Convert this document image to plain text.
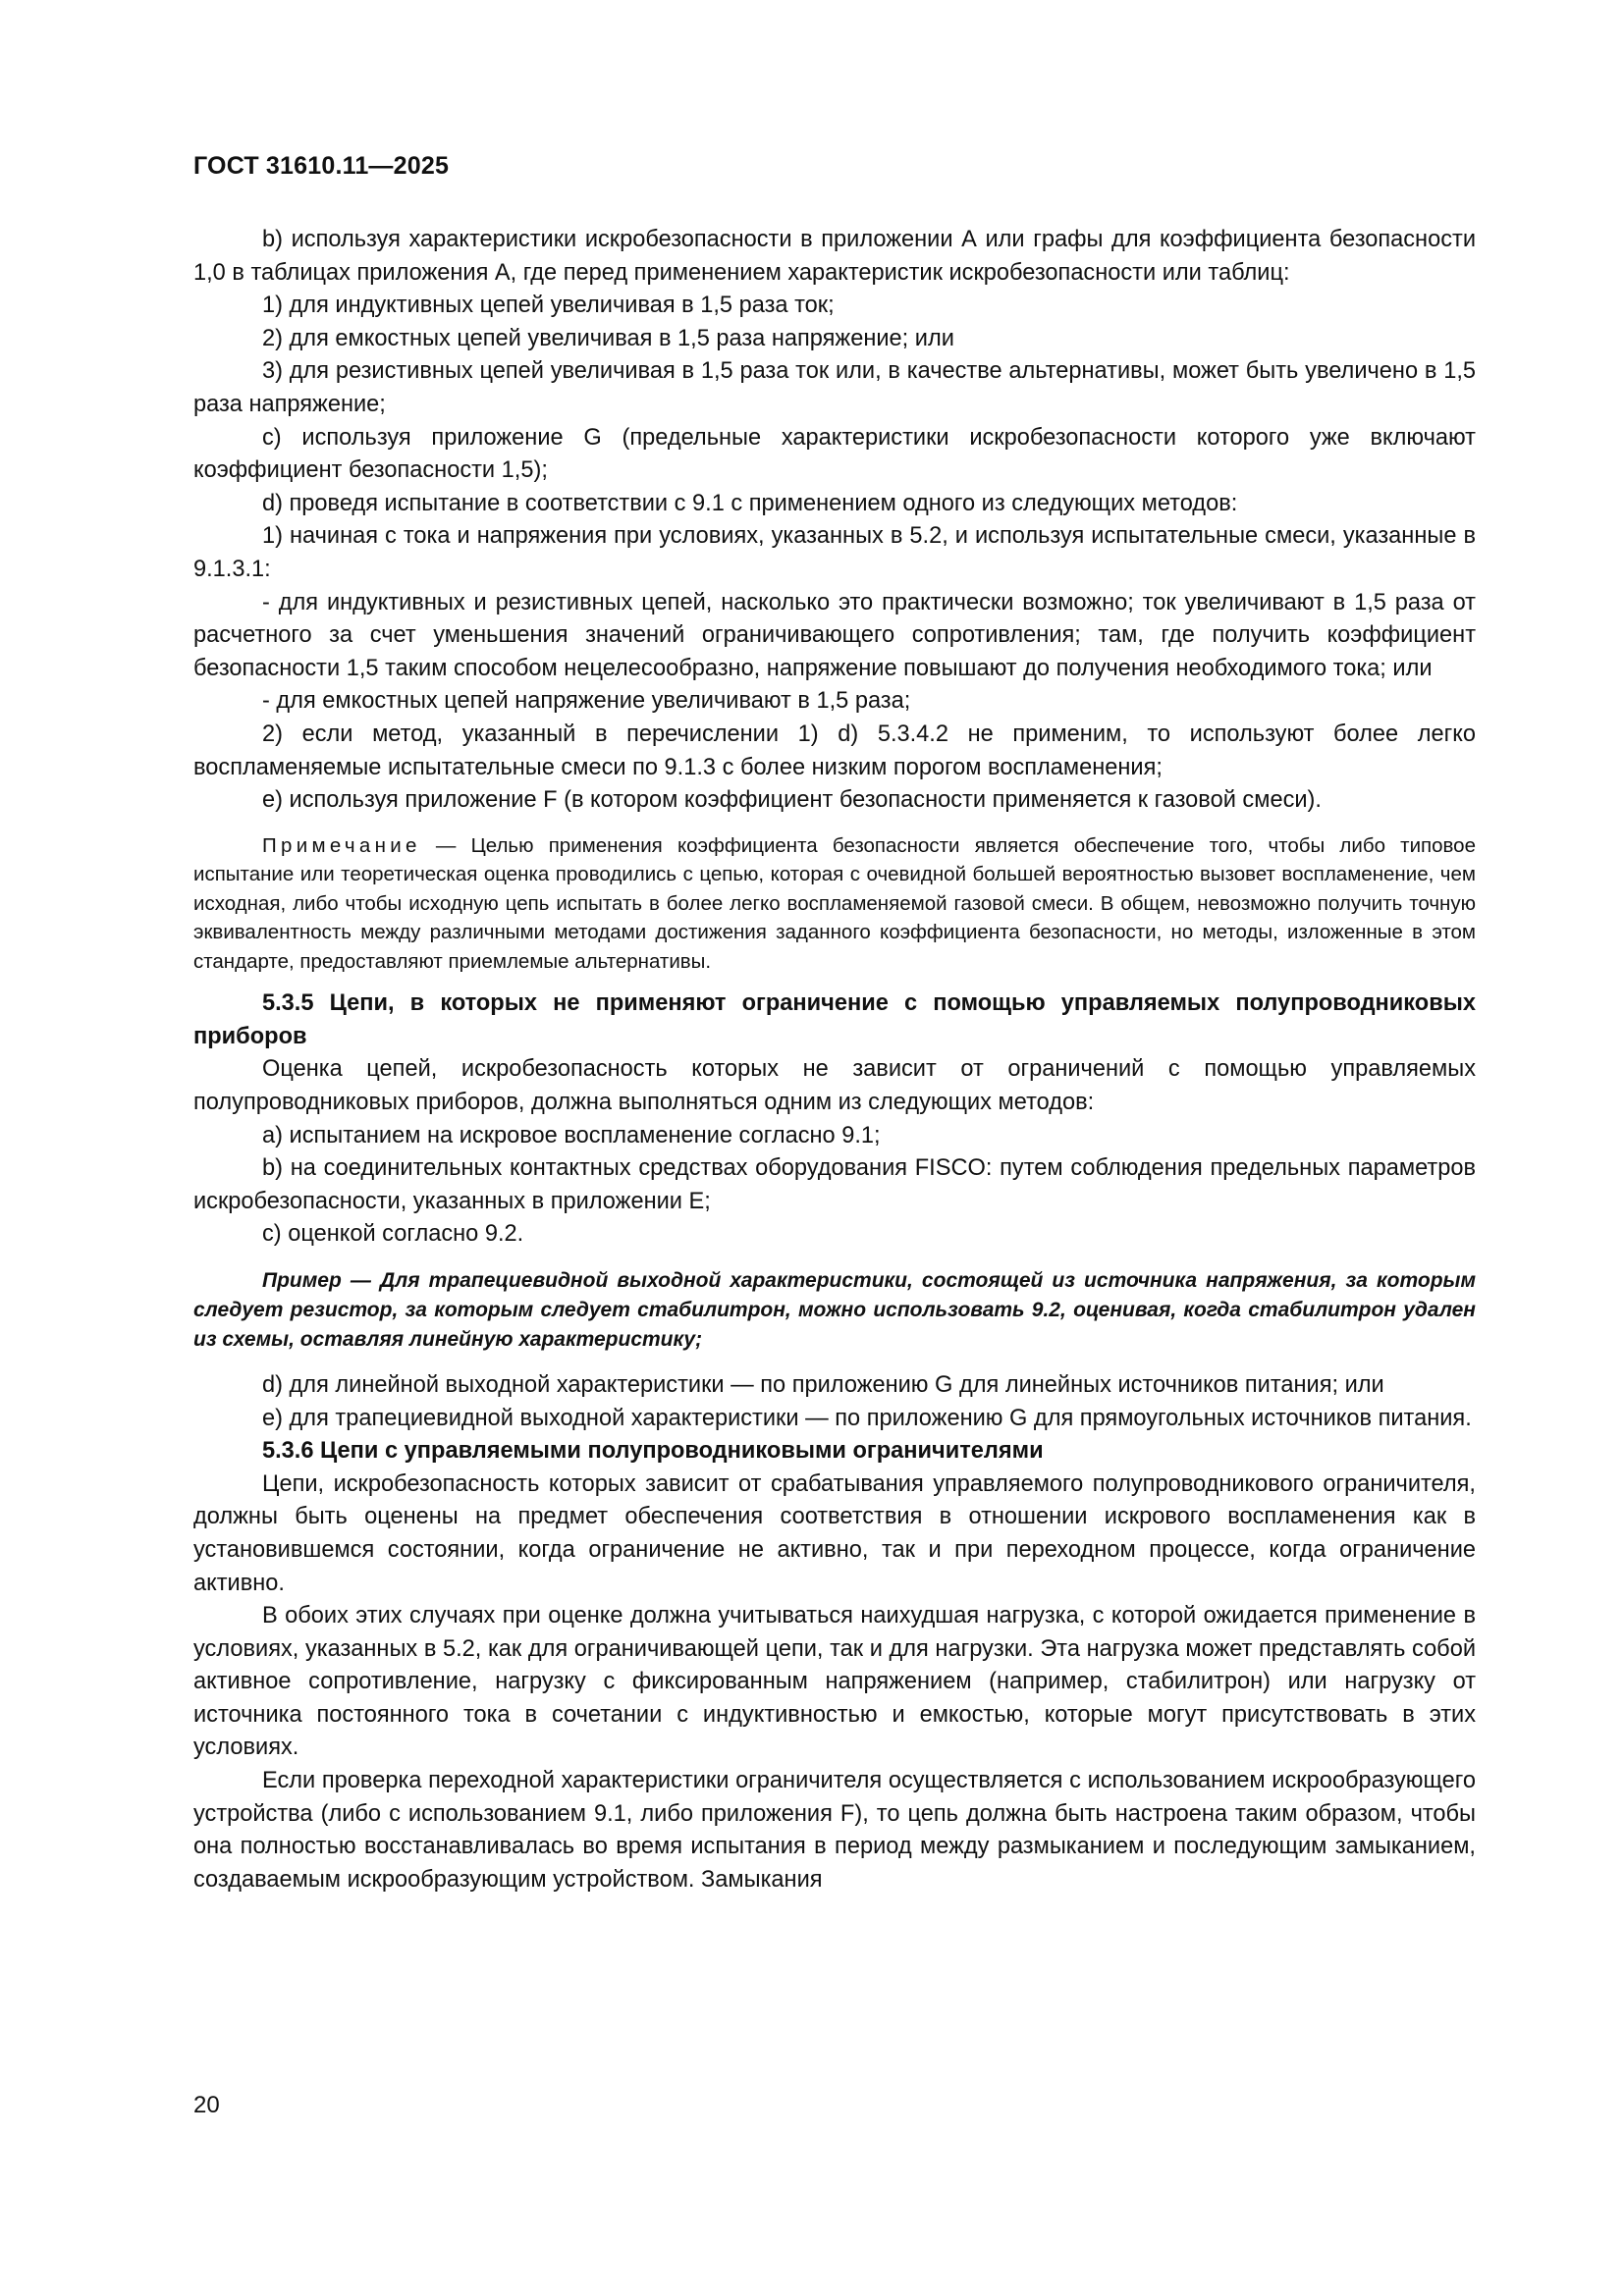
ГОСТ 31610.11—2025

b) используя характеристики искробезопасности в приложении А или графы для коэффициента безопасности 1,0 в таблицах приложения А, где перед применением характеристик искробезопасности или таблиц:

1) для индуктивных цепей увеличивая в 1,5 раза ток;

2) для емкостных цепей увеличивая в 1,5 раза напряжение; или

3) для резистивных цепей увеличивая в 1,5 раза ток или, в качестве альтернативы, может быть увеличено в 1,5 раза напряжение;

c) используя приложение G (предельные характеристики искробезопасности которого уже включают коэффициент безопасности 1,5);

d) проведя испытание в соответствии с 9.1 с применением одного из следующих методов:

1) начиная с тока и напряжения при условиях, указанных в 5.2, и используя испытательные смеси, указанные в 9.1.3.1:

- для индуктивных и резистивных цепей, насколько это практически возможно; ток увеличивают в 1,5 раза от расчетного за счет уменьшения значений ограничивающего сопротивления; там, где получить коэффициент безопасности 1,5 таким способом нецелесообразно, напряжение повышают до получения необходимого тока; или

- для емкостных цепей напряжение увеличивают в 1,5 раза;

2) если метод, указанный в перечислении 1) d) 5.3.4.2 не применим, то используют более легко воспламеняемые испытательные смеси по 9.1.3 с более низким порогом воспламенения;

e) используя приложение F (в котором коэффициент безопасности применяется к газовой смеси).

Примечание — Целью применения коэффициента безопасности является обеспечение того, чтобы либо типовое испытание или теоретическая оценка проводились с цепью, которая с очевидной большей вероятностью вызовет воспламенение, чем исходная, либо чтобы исходную цепь испытать в более легко воспламеняемой газовой смеси. В общем, невозможно получить точную эквивалентность между различными методами достижения заданного коэффициента безопасности, но методы, изложенные в этом стандарте, предоставляют приемлемые альтернативы.

5.3.5 Цепи, в которых не применяют ограничение с помощью управляемых полупроводниковых приборов

Оценка цепей, искробезопасность которых не зависит от ограничений с помощью управляемых полупроводниковых приборов, должна выполняться одним из следующих методов:

a) испытанием на искровое воспламенение согласно 9.1;

b) на соединительных контактных средствах оборудования FISCO: путем соблюдения предельных параметров искробезопасности, указанных в приложении Е;

c) оценкой согласно 9.2.

Пример — Для трапециевидной выходной характеристики, состоящей из источника напряжения, за которым следует резистор, за которым следует стабилитрон, можно использовать 9.2, оценивая, когда стабилитрон удален из схемы, оставляя линейную характеристику;

d) для линейной выходной характеристики — по приложению G для линейных источников питания; или

e) для трапециевидной выходной характеристики — по приложению G для прямоугольных источников питания.

5.3.6 Цепи с управляемыми полупроводниковыми ограничителями

Цепи, искробезопасность которых зависит от срабатывания управляемого полупроводникового ограничителя, должны быть оценены на предмет обеспечения соответствия в отношении искрового воспламенения как в установившемся состоянии, когда ограничение не активно, так и при переходном процессе, когда ограничение активно.

В обоих этих случаях при оценке должна учитываться наихудшая нагрузка, с которой ожидается применение в условиях, указанных в 5.2, как для ограничивающей цепи, так и для нагрузки. Эта нагрузка может представлять собой активное сопротивление, нагрузку с фиксированным напряжением (например, стабилитрон) или нагрузку от источника постоянного тока в сочетании с индуктивностью и емкостью, которые могут присутствовать в этих условиях.

Если проверка переходной характеристики ограничителя осуществляется с использованием искрообразующего устройства (либо с использованием 9.1, либо приложения F), то цепь должна быть настроена таким образом, чтобы она полностью восстанавливалась во время испытания в период между размыканием и последующим замыканием, создаваемым искрообразующим устройством. Замыкания

20
